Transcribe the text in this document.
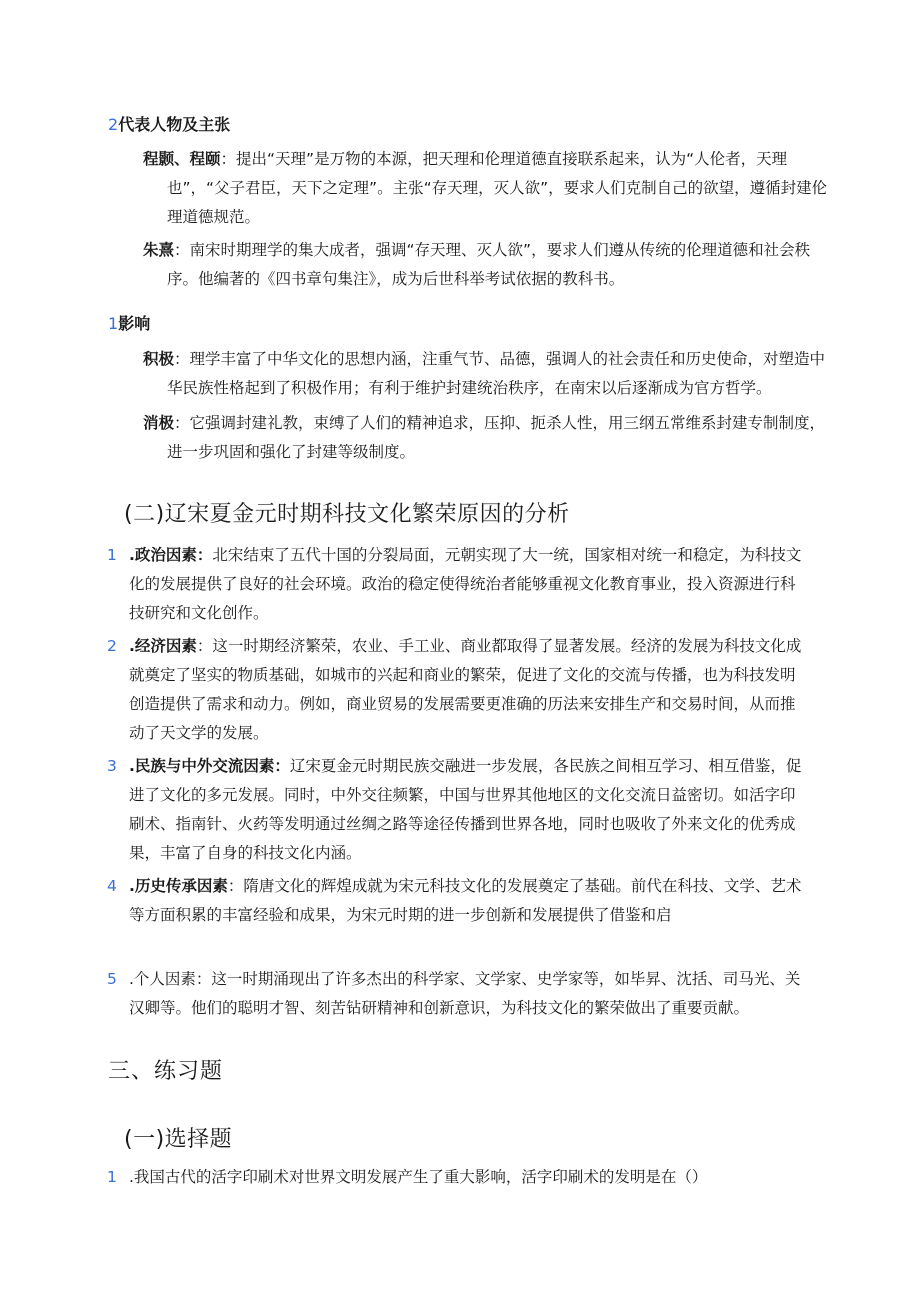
2代表人物及主张
程颢、程颐：提出“天理”是万物的本源，把天理和伦理道德直接联系起来，认为“人伦者，天理也”，“父子君臣，天下之定理”。主张“存天理，灭人欲”，要求人们克制自己的欲望，遵循封建伦理道德规范。
朱熹：南宋时期理学的集大成者，强调“存天理、灭人欲”，要求人们遵从传统的伦理道德和社会秩序。他编著的《四书章句集注》，成为后世科举考试依据的教科书。
1影响
积极：理学丰富了中华文化的思想内涵，注重气节、品德，强调人的社会责任和历史使命，对塑造中华民族性格起到了积极作用；有利于维护封建统治秩序，在南宋以后逐渐成为官方哲学。
消极：它强调封建礼教，束缚了人们的精神追求，压抑、扼杀人性，用三纲五常维系封建专制制度，进一步巩固和强化了封建等级制度。
(二)辽宋夏金元时期科技文化繁荣原因的分析
1 .政治因素：北宋结束了五代十国的分裂局面，元朝实现了大一统，国家相对统一和稳定，为科技文化的发展提供了良好的社会环境。政治的稳定使得统治者能够重视文化教育事业，投入资源进行科技研究和文化创作。
2 .经济因素：这一时期经济繁荣，农业、手工业、商业都取得了显著发展。经济的发展为科技文化成就奠定了坚实的物质基础，如城市的兴起和商业的繁荣，促进了文化的交流与传播，也为科技发明创造提供了需求和动力。例如，商业贸易的发展需要更准确的历法来安排生产和交易时间，从而推动了天文学的发展。
3 .民族与中外交流因素：辽宋夏金元时期民族交融进一步发展，各民族之间相互学习、相互借鉴，促进了文化的多元发展。同时，中外交往频繁，中国与世界其他地区的文化交流日益密切。如活字印刷术、指南针、火药等发明通过丝绸之路等途径传播到世界各地，同时也吸收了外来文化的优秀成果，丰富了自身的科技文化内涵。
4 .历史传承因素：隋唐文化的辉煌成就为宋元科技文化的发展奠定了基础。前代在科技、文学、艺术等方面积累的丰富经验和成果，为宋元时期的进一步创新和发展提供了借鉴和启
5 .个人因素：这一时期涌现出了许多杰出的科学家、文学家、史学家等，如毕昇、沈括、司马光、关汉卿等。他们的聪明才智、刻苦钻研精神和创新意识，为科技文化的繁荣做出了重要贡献。
三、练习题
(一)选择题
1 .我国古代的活字印刷术对世界文明发展产生了重大影响，活字印刷术的发明是在（）
